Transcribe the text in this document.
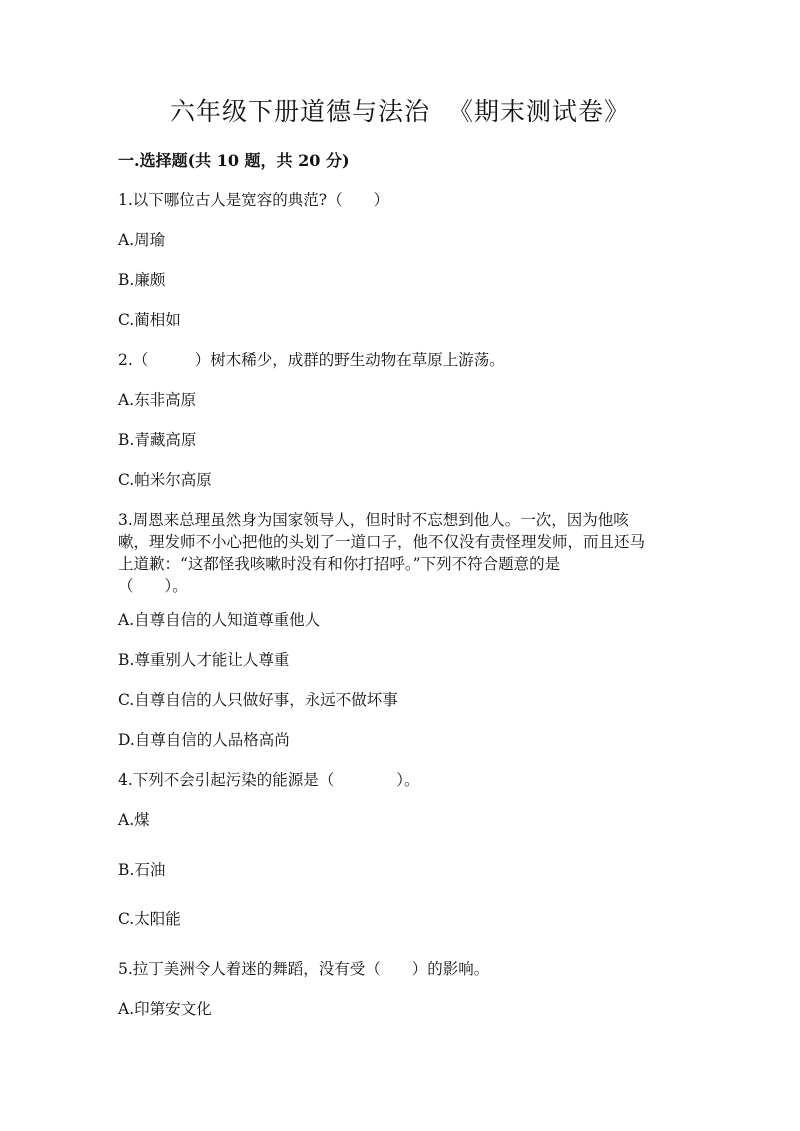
六年级下册道德与法治  《期末测试卷》
一.选择题(共 10 题，共 20 分)
1.以下哪位古人是宽容的典范?（　　）
A.周瑜
B.廉颇
C.蔺相如
2.（　　　）树木稀少，成群的野生动物在草原上游荡。
A.东非高原
B.青藏高原
C.帕米尔高原
3.周恩来总理虽然身为国家领导人，但时时不忘想到他人。一次，因为他咳
嗽，理发师不小心把他的头划了一道口子，他不仅没有责怪理发师，而且还马
上道歉：“这都怪我咳嗽时没有和你打招呼。”下列不符合题意的是
（　　）。
A.自尊自信的人知道尊重他人
B.尊重别人才能让人尊重
C.自尊自信的人只做好事，永远不做坏事
D.自尊自信的人品格高尚
4.下列不会引起污染的能源是（　　　　）。
A.煤
B.石油
C.太阳能
5.拉丁美洲令人着迷的舞蹈，没有受（　　）的影响。
A.印第安文化
